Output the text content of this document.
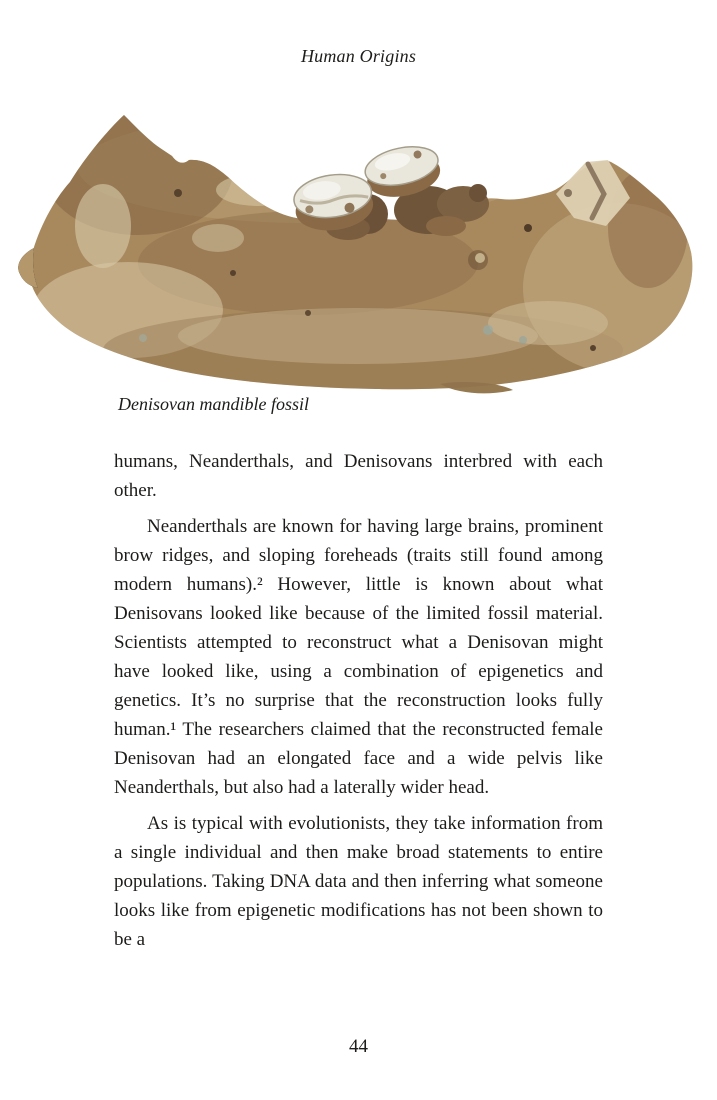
Human Origins
Denisovan mandible fossil

humans, Neanderthals, and Denisovans interbred with each other.

Neanderthals are known for having large brains, prominent brow ridges, and sloping foreheads (traits still found among modern humans).² However, little is known about what Denisovans looked like because of the limited fossil material. Scientists attempted to reconstruct what a Denisovan might have looked like, using a combination of epigenetics and genetics. It’s no surprise that the reconstruction looks fully human.¹ The researchers claimed that the reconstructed female Denisovan had an elongated face and a wide pelvis like Neanderthals, but also had a laterally wider head.

As is typical with evolutionists, they take information from a single individual and then make broad statements to entire populations. Taking DNA data and then inferring what someone looks like from epigenetic modifications has not been shown to be a

44
